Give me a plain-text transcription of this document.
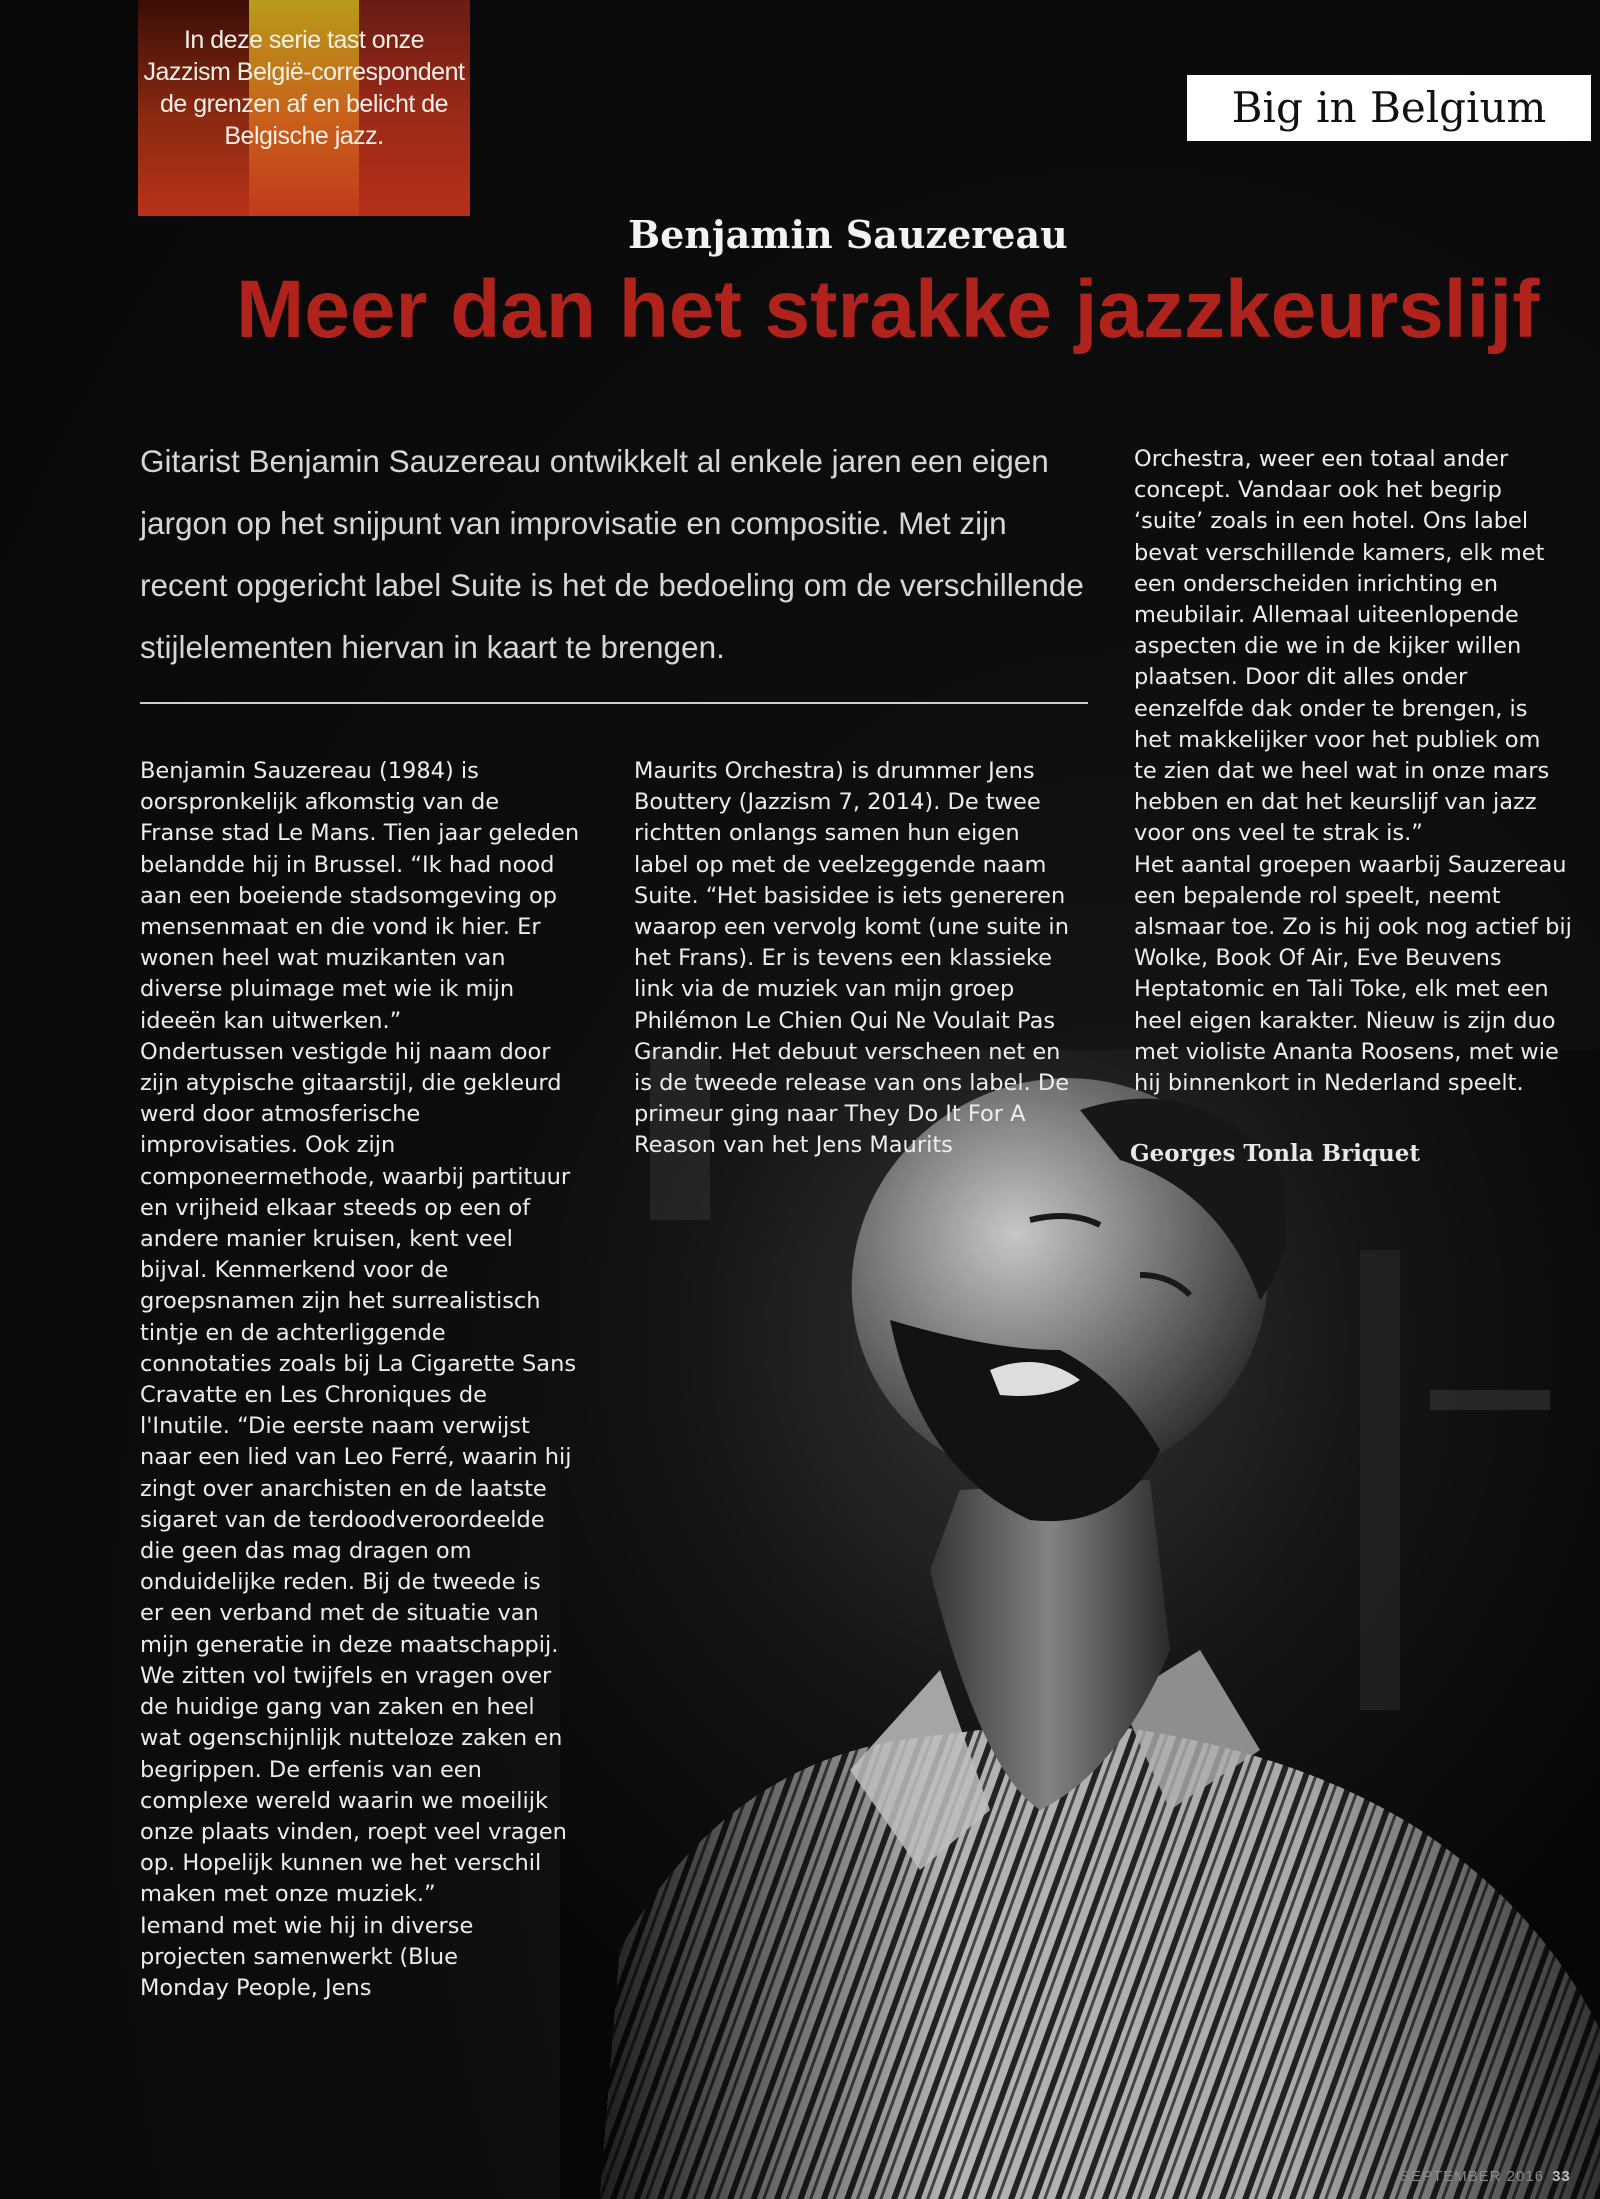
In deze serie tast onze Jazzism België-correspondent de grenzen af en belicht de Belgische jazz.
Big in Belgium
Benjamin Sauzereau
Meer dan het strakke jazzkeurslijf
Gitarist Benjamin Sauzereau ontwikkelt al enkele jaren een eigen jargon op het snijpunt van improvisatie en compositie. Met zijn recent opgericht label Suite is het de bedoeling om de verschillende stijlelementen hiervan in kaart te brengen.
Benjamin Sauzereau (1984) is
oorspronkelijk afkomstig van de
Franse stad Le Mans. Tien jaar geleden
belandde hij in Brussel. “Ik had nood
aan een boeiende stadsomgeving op
mensenmaat en die vond ik hier. Er
wonen heel wat muzikanten van
diverse pluimage met wie ik mijn
ideeën kan uitwerken.”
Ondertussen vestigde hij naam door
zijn atypische gitaarstijl, die gekleurd
werd door atmosferische
improvisaties. Ook zijn
componeermethode, waarbij partituur
en vrijheid elkaar steeds op een of
andere manier kruisen, kent veel
bijval. Kenmerkend voor de
groepsnamen zijn het surrealistisch
tintje en de achterliggende
connotaties zoals bij La Cigarette Sans
Cravatte en Les Chroniques de
l'Inutile. “Die eerste naam verwijst
naar een lied van Leo Ferré, waarin hij
zingt over anarchisten en de laatste
sigaret van de terdoodveroordeelde
die geen das mag dragen om
onduidelijke reden. Bij de tweede is
er een verband met de situatie van
mijn generatie in deze maatschappij.
We zitten vol twijfels en vragen over
de huidige gang van zaken en heel
wat ogenschijnlijk nutteloze zaken en
begrippen. De erfenis van een
complexe wereld waarin we moeilijk
onze plaats vinden, roept veel vragen
op. Hopelijk kunnen we het verschil
maken met onze muziek.”
Iemand met wie hij in diverse
projecten samenwerkt (Blue
Monday People, Jens
Maurits Orchestra) is drummer Jens
Bouttery (Jazzism 7, 2014). De twee
richtten onlangs samen hun eigen
label op met de veelzeggende naam
Suite. “Het basisidee is iets genereren
waarop een vervolg komt (une suite in
het Frans). Er is tevens een klassieke
link via de muziek van mijn groep
Philémon Le Chien Qui Ne Voulait Pas
Grandir. Het debuut verscheen net en
is de tweede release van ons label. De
primeur ging naar They Do It For A
Reason van het Jens Maurits
Orchestra, weer een totaal ander
concept. Vandaar ook het begrip
‘suite’ zoals in een hotel. Ons label
bevat verschillende kamers, elk met
een onderscheiden inrichting en
meubilair. Allemaal uiteenlopende
aspecten die we in de kijker willen
plaatsen. Door dit alles onder
eenzelfde dak onder te brengen, is
het makkelijker voor het publiek om
te zien dat we heel wat in onze mars
hebben en dat het keurslijf van jazz
voor ons veel te strak is.”
Het aantal groepen waarbij Sauzereau
een bepalende rol speelt, neemt
alsmaar toe. Zo is hij ook nog actief bij
Wolke, Book Of Air, Eve Beuvens
Heptatomic en Tali Toke, elk met een
heel eigen karakter. Nieuw is zijn duo
met violiste Ananta Roosens, met wie
hij binnenkort in Nederland speelt.
Georges Tonla Briquet
SEPTEMBER 2016 33
